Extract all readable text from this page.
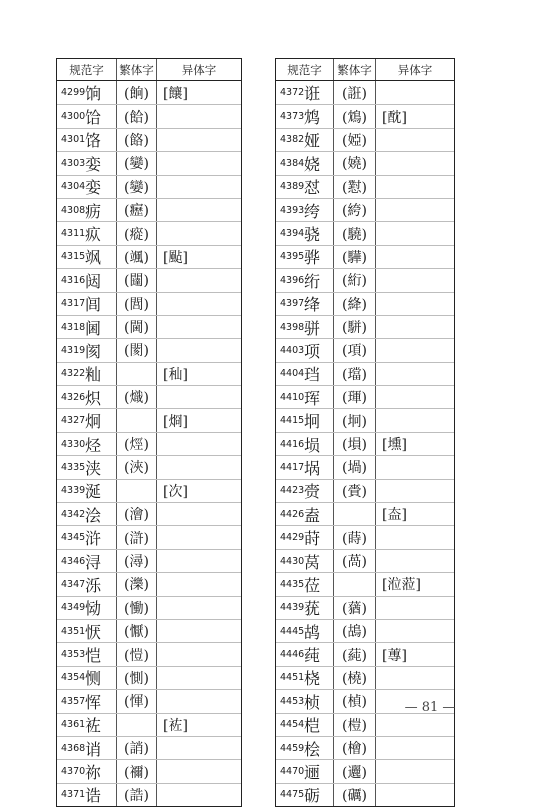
规范字	繁体字	异体字
4299 饷 (餉) [饟]
4300 饸 (餄)
4301 饹 (餎)
4303 娈 (孌)
4304 娈 (孌)
4308 疬 (癧)
4311 疭 (瘲)
4315 飒 (颯) [颭]
4316 闼 (闥)
4317 闾 (閭)
4318 阃 (閫)
4319 阂 (閡)
4322 籼	[秈]
4326 炽 (熾)
4327 炯	[烱]
4330 烃 (烴)
4335 浃 (浹)
4339 涎	[次]
4342 浍 (澮)
4345 浒 (滸)
4346 浔 (潯)
4347 泺 (濼)
4349 恸 (慟)
4351 恹 (懨)
4353 恺 (愷)
4354 恻 (惻)
4357 恽 (惲)
4361 袏	[袏]
4368 诮 (誚)
4370 祢 (禰)
4371 诰 (誥)
规范字	繁体字	异体字
4372 诳 (誑)
4373 鸩 (鴆) [酖]
4382 娅 (婭)
4384 娆 (嬈)
4389 怼 (懟)
4393 绔 (絝)
4394 骁 (驍)
4395 骅 (驊)
4396 绗 (絎)
4397 绛 (絳)
4398 骈 (駢)
4403 项 (項)
4404 珰 (璫)
4410 珲 (琿)
4415 坰 (坰)
4416 埙 (塤) [壎]
4417 埚 (堝)
4423 赍 (賫)
4426 盍	[盇]
4429 莳 (蒔)
4430 莴 (萵)
4435 莅	[涖蒞]
4439 莸 (蕕)
4445 鸪 (鴣)
4446 莼 (蒓) [蓴]
4451 桡 (橈)
4453 桢 (楨)
4454 桤 (榿)
4459 桧 (檜)
4470 逦 (邐)
4475 砺 (礪)
— 81 —
